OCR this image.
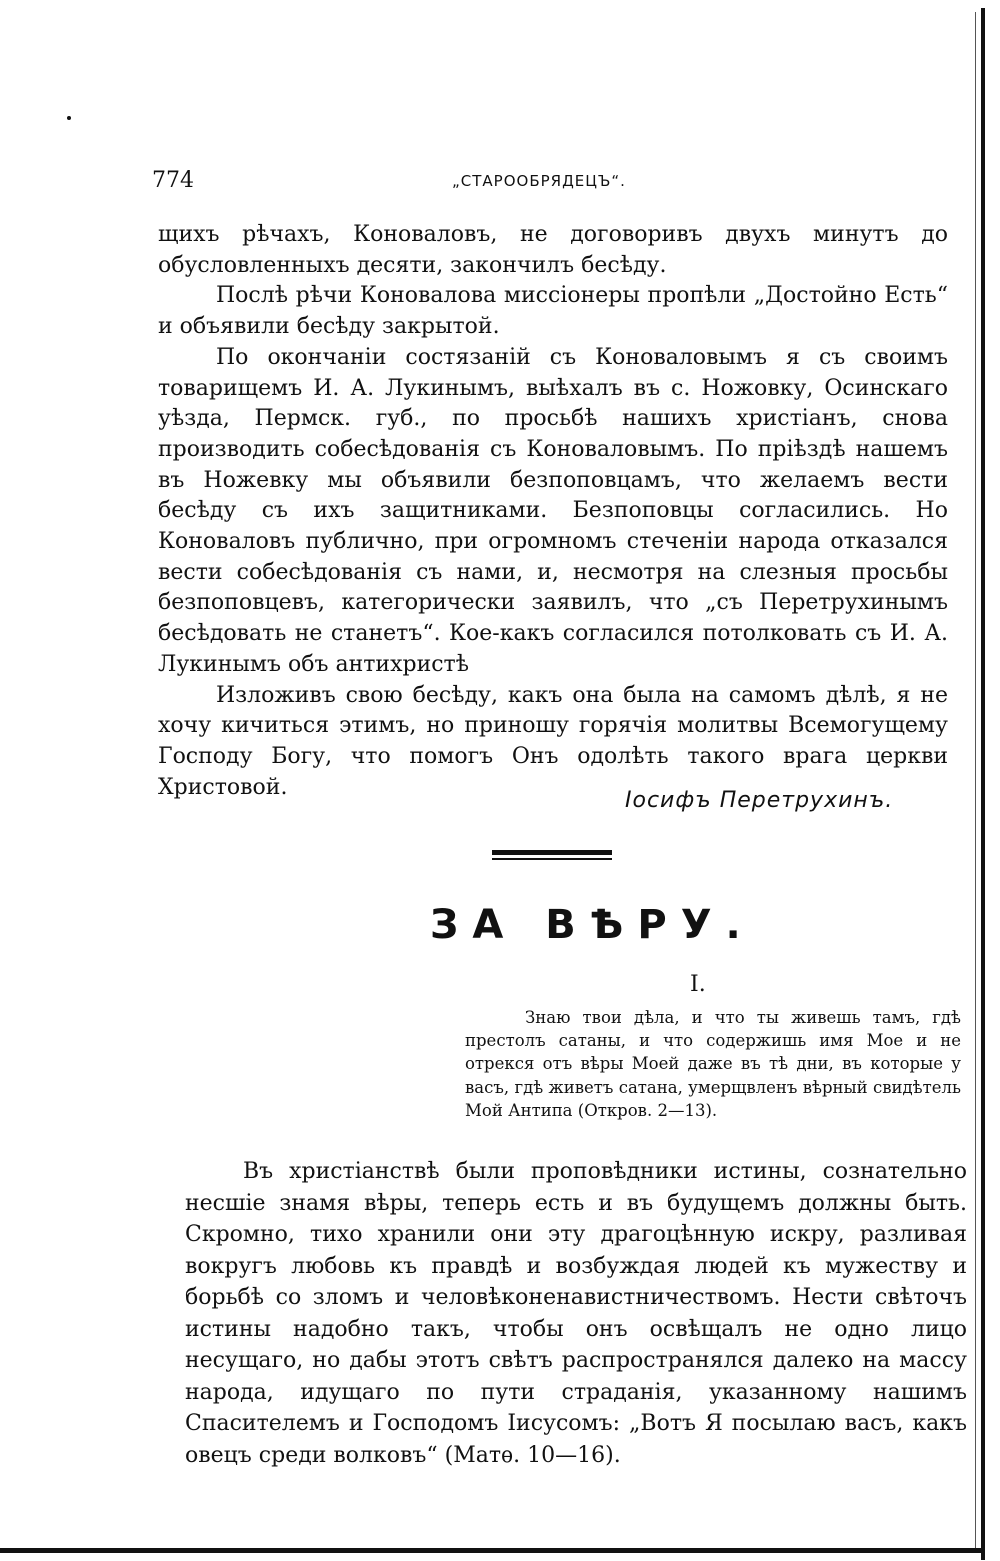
774	„СТАРООБРЯДЕЦЪ“.

щихъ рѣчахъ, Коноваловъ, не договоривъ двухъ минутъ до обусловленныхъ десяти, закончилъ бесѣду.

Послѣ рѣчи Коновалова миссіонеры пропѣли „Достойно Есть“ и объявили бесѣду закрытой.

По окончаніи состязаній съ Коноваловымъ я съ своимъ товарищемъ И. А. Лукинымъ, выѣхалъ въ с. Ножовку, Осинскаго уѣзда, Пермск. губ., по просьбѣ нашихъ христіанъ, снова производить собесѣдованія съ Коноваловымъ. По пріѣздѣ нашемъ въ Ножевку мы объявили безпоповцамъ, что желаемъ вести бесѣду съ ихъ защитниками. Безпоповцы согласились. Но Коноваловъ публично, при огромномъ стеченіи народа отказался вести собесѣдованія съ нами, и, несмотря на слезныя просьбы безпоповцевъ, категорически заявилъ, что „съ Перетрухинымъ бесѣдовать не станетъ“. Кое-какъ согласился потолковать съ И. А. Лукинымъ объ антихристѣ

Изложивъ свою бесѣду, какъ она была на самомъ дѣлѣ, я не хочу кичиться этимъ, но приношу горячія молитвы Всемогущему Господу Богу, что помогъ Онъ одолѣть такого врага церкви Христовой.

Іосифъ Перетрухинъ.
ЗА ВѢРУ.
I.

Знаю твои дѣла, и что ты живешь тамъ, гдѣ престолъ сатаны, и что содержишь имя Мое и не отрекся отъ вѣры Моей даже въ тѣ дни, въ которые у васъ, гдѣ живетъ сатана, умерщвленъ вѣрный свидѣтель Мой Антипа (Откров. 2—13).

Въ христіанствѣ были проповѣдники истины, сознательно несшіе знамя вѣры, теперь есть и въ будущемъ должны быть. Скромно, тихо хранили они эту драгоцѣнную искру, разливая вокругъ любовь къ правдѣ и возбуждая людей къ мужеству и борьбѣ со зломъ и человѣконенавистничествомъ. Нести свѣточъ истины надобно такъ, чтобы онъ освѣщалъ не одно лицо несущаго, но дабы этотъ свѣтъ распространялся далеко на массу народа, идущаго по пути страданія, указанному нашимъ Спасителемъ и Господомъ Іисусомъ: „Вотъ Я посылаю васъ, какъ овецъ среди волковъ“ (Матѳ. 10—16).
